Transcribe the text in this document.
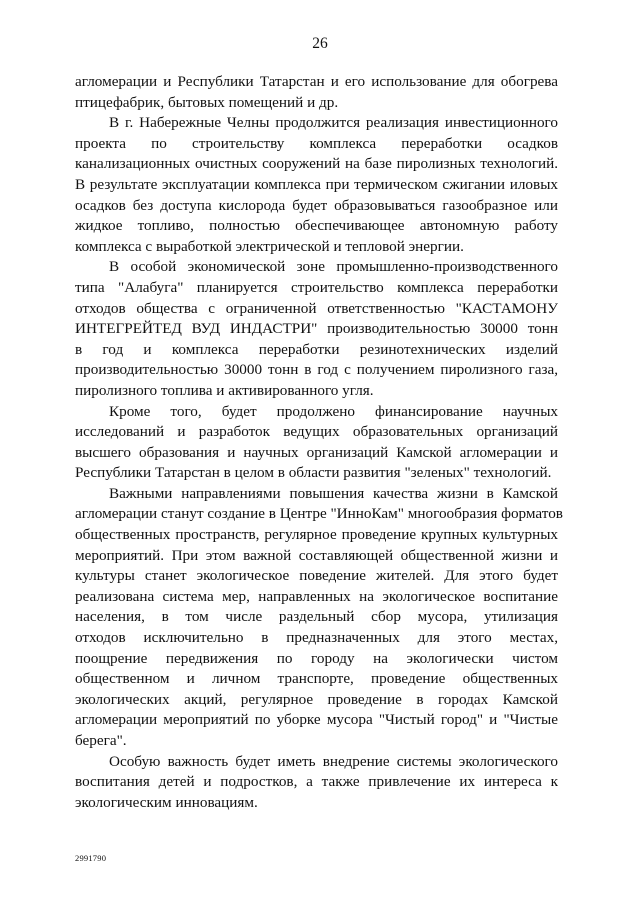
26
агломерации и Республики Татарстан и его использование для обогрева
птицефабрик, бытовых помещений и др.
В г. Набережные Челны продолжится реализация инвестиционного
проекта по строительству комплекса переработки осадков
канализационных очистных сооружений на базе пиролизных технологий.
В результате эксплуатации комплекса при термическом сжигании иловых
осадков без доступа кислорода будет образовываться газообразное или
жидкое топливо, полностью обеспечивающее автономную работу
комплекса с выработкой электрической и тепловой энергии.
В особой экономической зоне промышленно-производственного
типа "Алабуга" планируется строительство комплекса переработки
отходов общества с ограниченной ответственностью "КАСТАМОНУ
ИНТЕГРЕЙТЕД ВУД ИНДАСТРИ" производительностью 30000 тонн
в год и комплекса переработки резинотехнических изделий
производительностью 30000 тонн в год с получением пиролизного газа,
пиролизного топлива и активированного угля.
Кроме того, будет продолжено финансирование научных
исследований и разработок ведущих образовательных организаций
высшего образования и научных организаций Камской агломерации и
Республики Татарстан в целом в области развития "зеленых" технологий.
Важными направлениями повышения качества жизни в Камской
агломерации станут создание в Центре "ИнноКам" многообразия форматов
общественных пространств, регулярное проведение крупных культурных
мероприятий. При этом важной составляющей общественной жизни и
культуры станет экологическое поведение жителей. Для этого будет
реализована система мер, направленных на экологическое воспитание
населения, в том числе раздельный сбор мусора, утилизация
отходов исключительно в предназначенных для этого местах,
поощрение передвижения по городу на экологически чистом
общественном и личном транспорте, проведение общественных
экологических акций, регулярное проведение в городах Камской
агломерации мероприятий по уборке мусора "Чистый город" и "Чистые
берега".
Особую важность будет иметь внедрение системы экологического
воспитания детей и подростков, а также привлечение их интереса к
экологическим инновациям.
2991790
